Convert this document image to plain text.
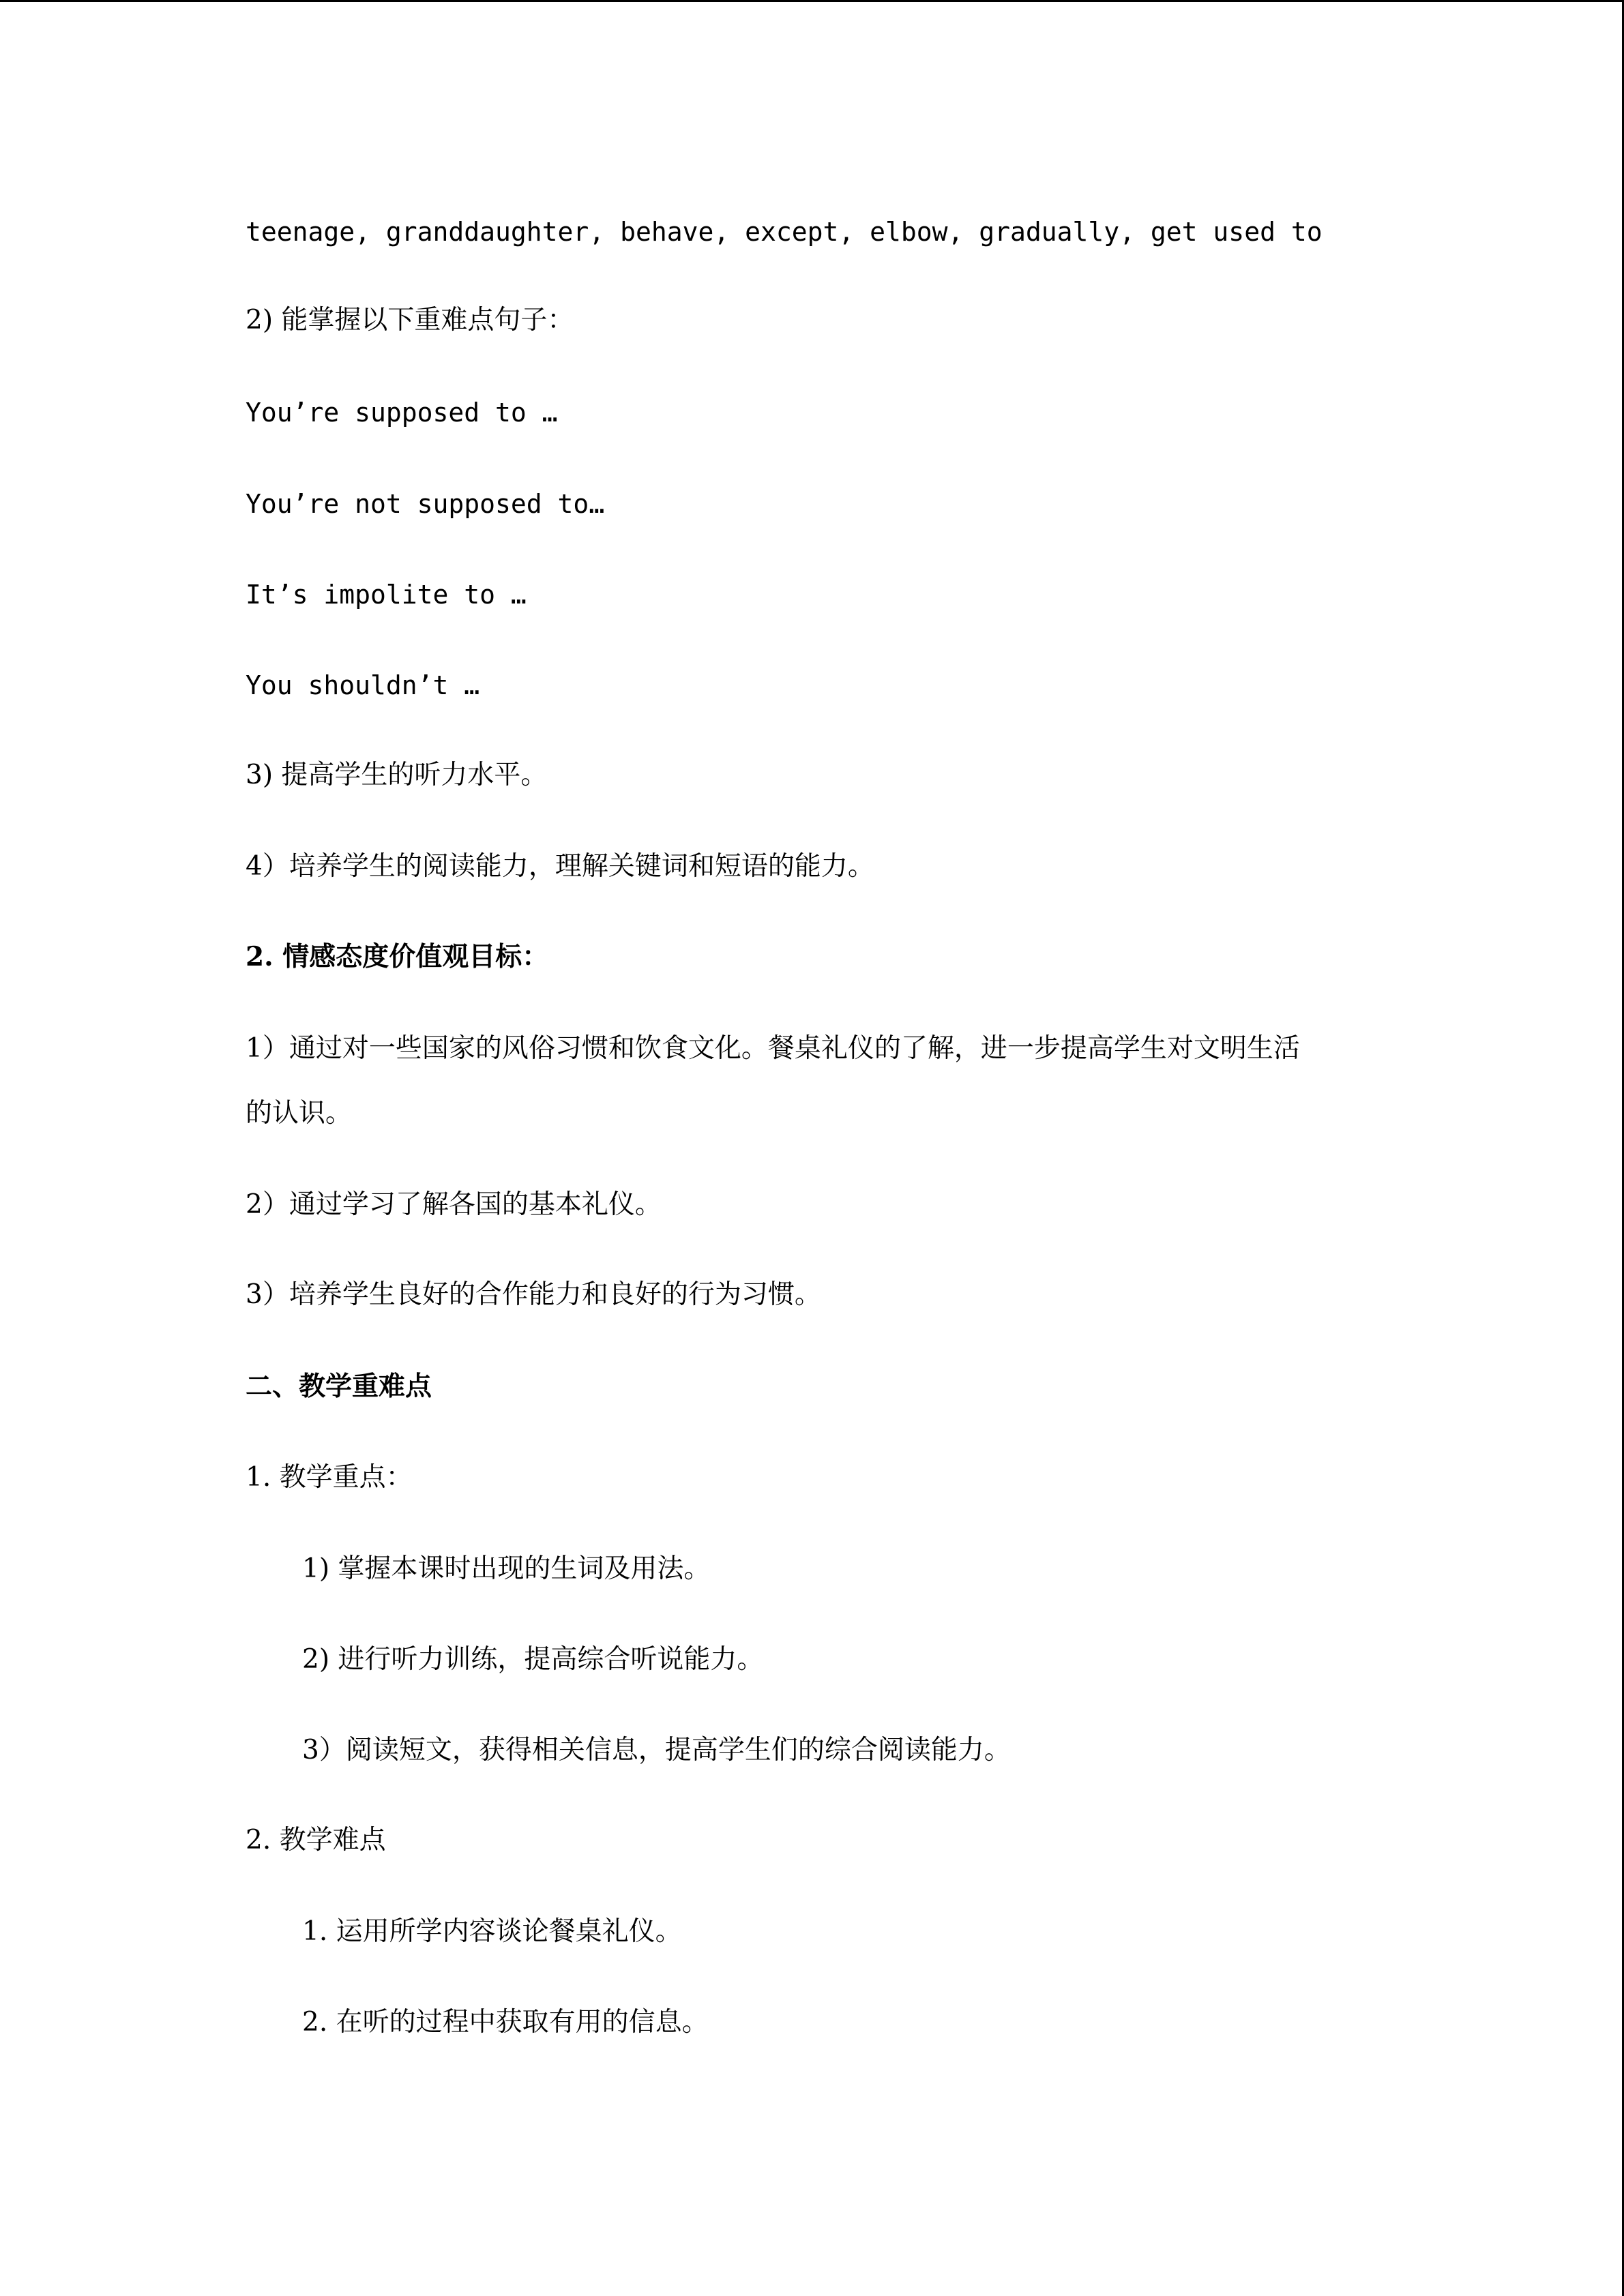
teenage, granddaughter, behave, except, elbow, gradually, get used to
2) 能掌握以下重难点句子：
You’re supposed to …
You’re not supposed to…
It’s impolite to …
You shouldn’t …
3) 提高学生的听力水平。
4）培养学生的阅读能力，理解关键词和短语的能力。
2. 情感态度价值观目标：
1）通过对一些国家的风俗习惯和饮食文化。餐桌礼仪的了解，进一步提高学生对文明生活
的认识。
2）通过学习了解各国的基本礼仪。
3）培养学生良好的合作能力和良好的行为习惯。
二、教学重难点
1. 教学重点：
1) 掌握本课时出现的生词及用法。
2) 进行听力训练，提高综合听说能力。
3）阅读短文，获得相关信息，提高学生们的综合阅读能力。
2. 教学难点
1. 运用所学内容谈论餐桌礼仪。
2. 在听的过程中获取有用的信息。
